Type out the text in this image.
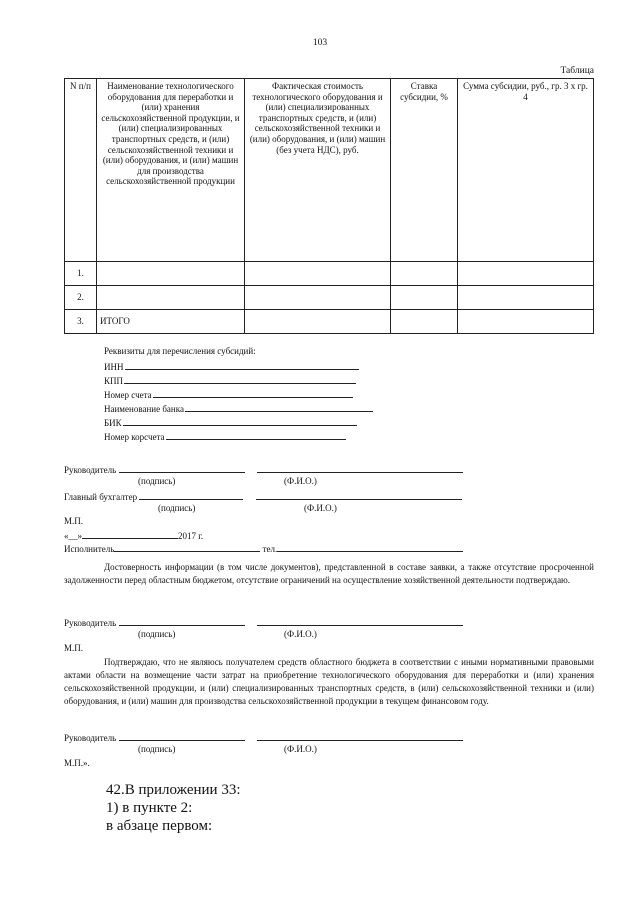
103
Таблица
N п/п	Наименование технологического оборудования для переработки и (или) хранения сельскохозяйственной продукции, и (или) специализированных транспортных средств, и (или) сельскохозяйственной техники и (или) оборудования, и (или) машин для производства сельскохозяйственной продукции	Фактическая стоимость технологического оборудования и (или) специализированных транспортных средств, и (или) сельскохозяйственной техники и (или) оборудования, и (или) машин (без учета НДС), руб.	Ставка субсидии, %	Сумма субсидии, руб., гр. 3 х гр. 4
1.				
2.				
3.	ИТОГО			
Реквизиты для перечисления субсидий:
ИНН
КПП
Номер счета
Наименование банка
БИК
Номер корсчета
Руководитель
(подпись)	(Ф.И.О.)
Главный бухгалтер
(подпись)	(Ф.И.О.)
М.П.
«__»	2017 г.
Исполнитель	тел.
Достоверность информации (в том числе документов), представленной в составе заявки, а также отсутствие просроченной задолженности перед областным бюджетом, отсутствие ограничений на осуществление хозяйственной деятельности подтверждаю.
Руководитель
(подпись)	(Ф.И.О.)
М.П.
Подтверждаю, что не являюсь получателем средств областного бюджета в соответствии с иными нормативными правовыми актами области на возмещение части затрат на приобретение технологического оборудования для переработки и (или) хранения сельскохозяйственной продукции, и (или) специализированных транспортных средств, в (или) сельскохозяйственной техники и (или) оборудования, и (или) машин для производства сельскохозяйственной продукции в текущем финансовом году.
Руководитель
(подпись)	(Ф.И.О.)
М.П.».
42.В приложении 33:
1) в пункте 2:
в абзаце первом:
